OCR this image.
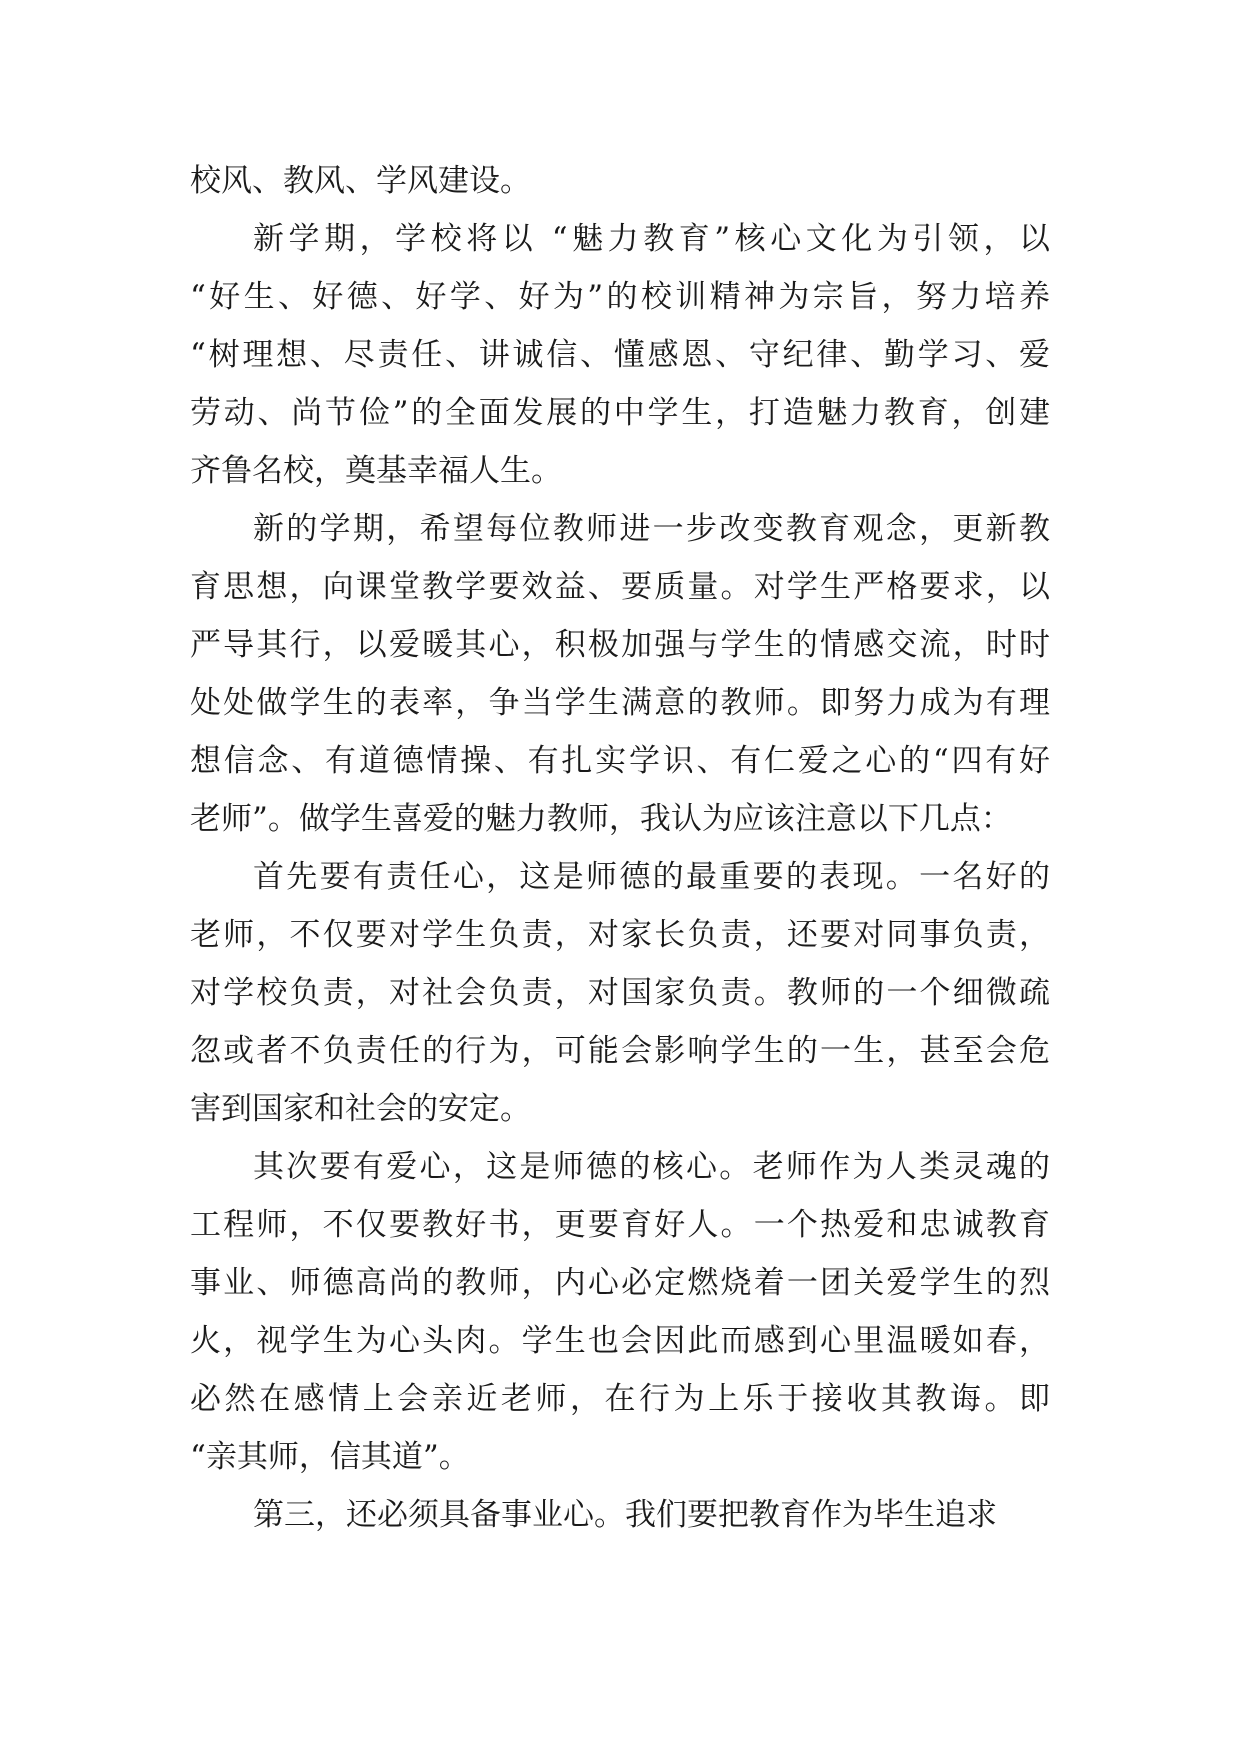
校风、教风、学风建设。
新学期，学校将以 “魅力教育”核心文化为引领，以
“好生、好德、好学、好为”的校训精神为宗旨，努力培养
“树理想、尽责任、讲诚信、懂感恩、守纪律、勤学习、爱
劳动、尚节俭”的全面发展的中学生，打造魅力教育，创建
齐鲁名校，奠基幸福人生。
新的学期，希望每位教师进一步改变教育观念，更新教
育思想，向课堂教学要效益、要质量。对学生严格要求，以
严导其行，以爱暖其心，积极加强与学生的情感交流，时时
处处做学生的表率，争当学生满意的教师。即努力成为有理
想信念、有道德情操、有扎实学识、有仁爱之心的“四有好
老师”。做学生喜爱的魅力教师，我认为应该注意以下几点：
首先要有责任心，这是师德的最重要的表现。一名好的
老师，不仅要对学生负责，对家长负责，还要对同事负责，
对学校负责，对社会负责，对国家负责。教师的一个细微疏
忽或者不负责任的行为，可能会影响学生的一生，甚至会危
害到国家和社会的安定。
其次要有爱心，这是师德的核心。老师作为人类灵魂的
工程师，不仅要教好书，更要育好人。一个热爱和忠诚教育
事业、师德高尚的教师，内心必定燃烧着一团关爱学生的烈
火，视学生为心头肉。学生也会因此而感到心里温暖如春，
必然在感情上会亲近老师，在行为上乐于接收其教诲。即
“亲其师，信其道”。
第三，还必须具备事业心。我们要把教育作为毕生追求
